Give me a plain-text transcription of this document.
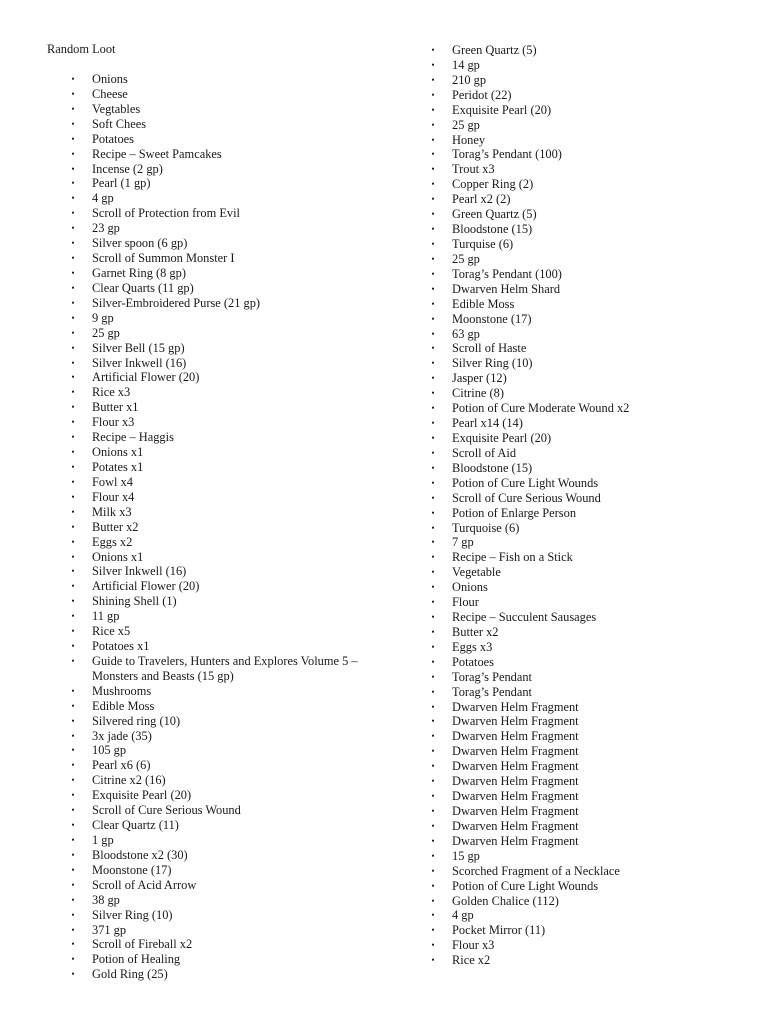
Random Loot
• Onions
• Cheese
• Vegtables
• Soft Chees
• Potatoes
• Recipe – Sweet Pamcakes
• Incense (2 gp)
• Pearl (1 gp)
• 4 gp
• Scroll of Protection from Evil
• 23 gp
• Silver spoon (6 gp)
• Scroll of Summon Monster I
• Garnet Ring (8 gp)
• Clear Quarts (11 gp)
• Silver-Embroidered Purse (21 gp)
• 9 gp
• 25 gp
• Silver Bell (15 gp)
• Silver Inkwell (16)
• Artificial Flower (20)
• Rice x3
• Butter x1
• Flour x3
• Recipe – Haggis
• Onions x1
• Potates x1
• Fowl x4
• Flour x4
• Milk x3
• Butter x2
• Eggs x2
• Onions x1
• Silver Inkwell (16)
• Artificial Flower (20)
• Shining Shell (1)
• 11 gp
• Rice x5
• Potatoes x1
• Guide to Travelers, Hunters and Explores Volume 5 – Monsters and Beasts (15 gp)
• Mushrooms
• Edible Moss
• Silvered ring (10)
• 3x jade (35)
• 105 gp
• Pearl x6 (6)
• Citrine x2 (16)
• Exquisite Pearl (20)
• Scroll of Cure Serious Wound
• Clear Quartz (11)
• 1 gp
• Bloodstone x2 (30)
• Moonstone (17)
• Scroll of Acid Arrow
• 38 gp
• Silver Ring (10)
• 371 gp
• Scroll of Fireball x2
• Potion of Healing
• Gold Ring (25)
• Green Quartz (5)
• 14 gp
• 210 gp
• Peridot (22)
• Exquisite Pearl (20)
• 25 gp
• Honey
• Torag’s Pendant (100)
• Trout x3
• Copper Ring (2)
• Pearl x2 (2)
• Green Quartz (5)
• Bloodstone (15)
• Turquise (6)
• 25 gp
• Torag’s Pendant (100)
• Dwarven Helm Shard
• Edible Moss
• Moonstone (17)
• 63 gp
• Scroll of Haste
• Silver Ring (10)
• Jasper (12)
• Citrine (8)
• Potion of Cure Moderate Wound x2
• Pearl x14 (14)
• Exquisite Pearl (20)
• Scroll of Aid
• Bloodstone (15)
• Potion of Cure Light Wounds
• Scroll of Cure Serious Wound
• Potion of Enlarge Person
• Turquoise (6)
• 7 gp
• Recipe – Fish on a Stick
• Vegetable
• Onions
• Flour
• Recipe – Succulent Sausages
• Butter x2
• Eggs x3
• Potatoes
• Torag’s Pendant
• Torag’s Pendant
• Dwarven Helm Fragment
• Dwarven Helm Fragment
• Dwarven Helm Fragment
• Dwarven Helm Fragment
• Dwarven Helm Fragment
• Dwarven Helm Fragment
• Dwarven Helm Fragment
• Dwarven Helm Fragment
• Dwarven Helm Fragment
• Dwarven Helm Fragment
• 15 gp
• Scorched Fragment of a Necklace
• Potion of Cure Light Wounds
• Golden Chalice (112)
• 4 gp
• Pocket Mirror (11)
• Flour x3
• Rice x2
